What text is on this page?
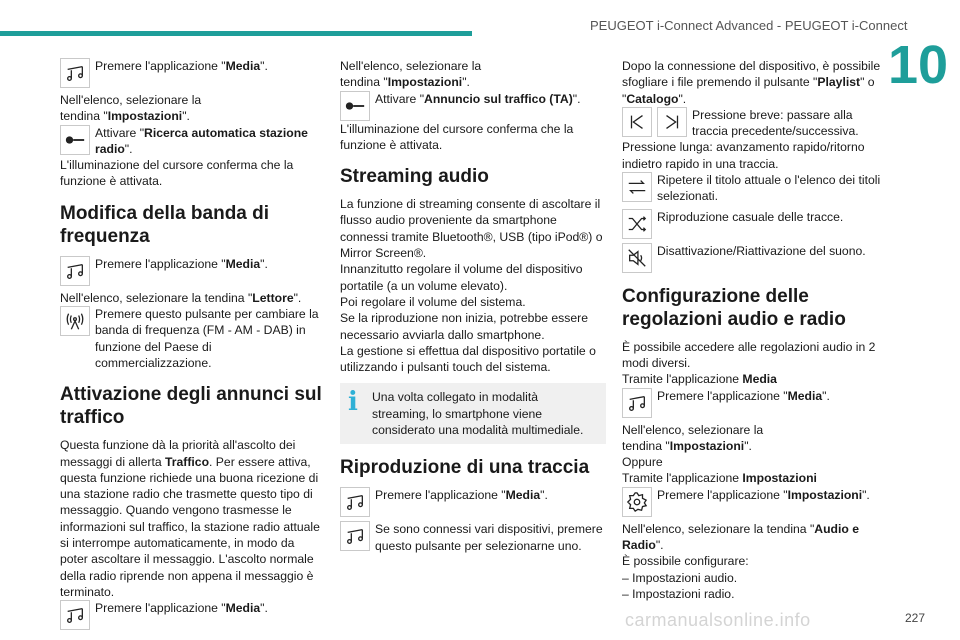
PEUGEOT i-Connect Advanced - PEUGEOT i-Connect
10

Premere l'applicazione "Media".

Nell'elenco, selezionare la

tendina "Impostazioni".

Attivare "Ricerca automatica stazione radio".

L'illuminazione del cursore conferma che la funzione è attivata.

Modifica della banda di frequenza

Premere l'applicazione "Media".

Nell'elenco, selezionare la tendina "Lettore".

Premere questo pulsante per cambiare la banda di frequenza (FM - AM - DAB) in funzione del Paese di commercializzazione.

Attivazione degli annunci sul traffico

Questa funzione dà la priorità all'ascolto dei messaggi di allerta Traffico. Per essere attiva, questa funzione richiede una buona ricezione di una stazione radio che trasmette questo tipo di messaggio. Quando vengono trasmesse le informazioni sul traffico, la stazione radio attuale si interrompe automaticamente, in modo da poter ascoltare il messaggio. L'ascolto normale della radio riprende non appena il messaggio è terminato.

Premere l'applicazione "Media".

Nell'elenco, selezionare la

tendina "Impostazioni".

Attivare "Annuncio sul traffico (TA)".

L'illuminazione del cursore conferma che la funzione è attivata.

Streaming audio

La funzione di streaming consente di ascoltare il flusso audio proveniente da smartphone connessi tramite Bluetooth®, USB (tipo iPod®) o Mirror Screen®.

Innanzitutto regolare il volume del dispositivo portatile (a un volume elevato).

Poi regolare il volume del sistema.

Se la riproduzione non inizia, potrebbe essere necessario avviarla dallo smartphone.

La gestione si effettua dal dispositivo portatile o utilizzando i pulsanti touch del sistema.

i	Una volta collegato in modalità streaming, lo smartphone viene considerato una modalità multimediale.

Riproduzione di una traccia

Premere l'applicazione "Media".

Se sono connessi vari dispositivi, premere questo pulsante per selezionarne uno.

Dopo la connessione del dispositivo, è possibile sfogliare i file premendo il pulsante "Playlist" o "Catalogo".

Pressione breve: passare alla traccia precedente/successiva.

Pressione lunga: avanzamento rapido/ritorno indietro rapido in una traccia.

Ripetere il titolo attuale o l'elenco dei titoli selezionati.

Riproduzione casuale delle tracce.

Disattivazione/Riattivazione del suono.

Configurazione delle regolazioni audio e radio

È possibile accedere alle regolazioni audio in 2 modi diversi.

Tramite l'applicazione Media

Premere l'applicazione "Media".

Nell'elenco, selezionare la

tendina "Impostazioni".

Oppure

Tramite l'applicazione Impostazioni

Premere l'applicazione "Impostazioni".

Nell'elenco, selezionare la tendina "Audio e Radio".

È possibile configurare:

– Impostazioni audio.

– Impostazioni radio.

carmanualsonline.info	227
